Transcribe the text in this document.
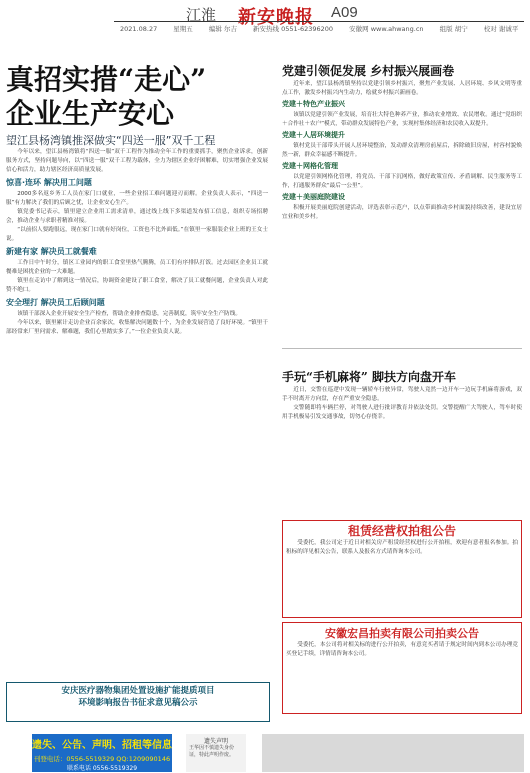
江淮 新安晚报 A09
2021.08.27 星期五 编辑 尔吉 新安热线 0551-62396200 安徽网 www.ahwang.cn 组版 胡宁 校对 谢诚平
真招实措“走心”
企业生产安心
望江县杨湾镇推深做实“四送一服”双千工程

今年以来，望江县杨湾镇将“四送一服”双千工程作为推动全年工作的重要抓手，聚焦企业诉求，创新服务方式，坚持问题导向，以“四送一服”双千工程为载体，全力为辖区企业纾困解难，切实增强企业发展信心和活力，助力辖区经济高质量发展。

惊喜·连环 解决用工问题

2000多名返乡务工人员在家门口就业，一些企业招工难问题迎刃而解。企业负责人表示，“四送一服”有力解决了我们的后顾之忧，让企业安心生产。

镇党委书记表示，镇里建立企业用工需求清单，通过线上线下多渠道发布招工信息，组织专场招聘会，推动企业与求职者精准对接。

“以前招人要跑很远，现在家门口就有好岗位，工资也不比外面低。”在镇里一家服装企业上班的王女士说。

新建有家 解决员工就餐难

工作日中午时分，镇区工业园内的职工食堂里热气腾腾，员工们有序排队打饭。过去园区企业员工就餐难是困扰企业的一大难题。

镇里在走访中了解到这一情况后，协调资金建设了职工食堂，解决了员工就餐问题，企业负责人对此赞不绝口。

安全理打 解决员工后顾问题

该镇干部深入企业开展安全生产检查，帮助企业排查隐患，完善制度，筑牢安全生产防线。

今年以来，镇里累计走访企业百余家次，收集解决问题数十个，为企业发展营造了良好环境。“镇里干部经常来厂里问需求、解难题，我们心里踏实多了。”一位企业负责人说。

党建引领促发展 乡村振兴展画卷

近年来，望江县杨湾镇坚持以党建引领乡村振兴，聚焦产业发展、人居环境、乡风文明等重点工作，激发乡村振兴内生动力，绘就乡村振兴新画卷。

党建＋特色产业振兴

该镇以党建引领产业发展，培育壮大特色种养产业，推动农业增效、农民增收。通过“党组织＋合作社＋农户”模式，带动群众发展特色产业，实现村集体经济和农民收入双提升。

党建＋人居环境提升

镇村党员干部带头开展人居环境整治，发动群众清理房前屋后，拆除破旧房屋，村容村貌焕然一新，群众幸福感不断提升。

党建＋网格化管理

以党建引领网格化管理，将党员、干部下沉网格，做好政策宣传、矛盾调解、民生服务等工作，打通服务群众“最后一公里”。

党建＋美丽庭院建设

积极开展美丽庭院创建活动，评选表彰示范户，以点带面推动乡村面貌持续改善，建设宜居宜业和美乡村。

手玩“手机麻将” 脚扶方向盘开车

近日，交警在巡逻中发现一辆轿车行驶异常，驾驶人竟然一边开车一边玩手机麻将游戏，双手不时离开方向盘，存在严重安全隐患。

交警随即将车辆拦停，对驾驶人进行批评教育并依法处罚。交警提醒广大驾驶人，驾车时使用手机极易引发交通事故，切勿心存侥幸。

租赁经营权拍租公告

受委托，我公司定于近日对相关房产租赁经营权进行公开拍租，欢迎有意者报名参加。拍租标的详见相关公告，联系人及报名方式请咨询本公司。

安徽宏昌拍卖有限公司拍卖公告

受委托，本公司将对相关标的进行公开拍卖，有意竞买者请于规定时间内到本公司办理竞买登记手续，详情请咨询本公司。

安庆医疗器物集团处置设施扩能提质项目
环境影响报告书征求意见稿公示
遗失、公告、声明、招租等信息
刊登电话：0556-5519329 QQ:1209090146
联系电话 0556-5519329
遗失声明
王华因不慎遗失身份证，特此声明作废。
